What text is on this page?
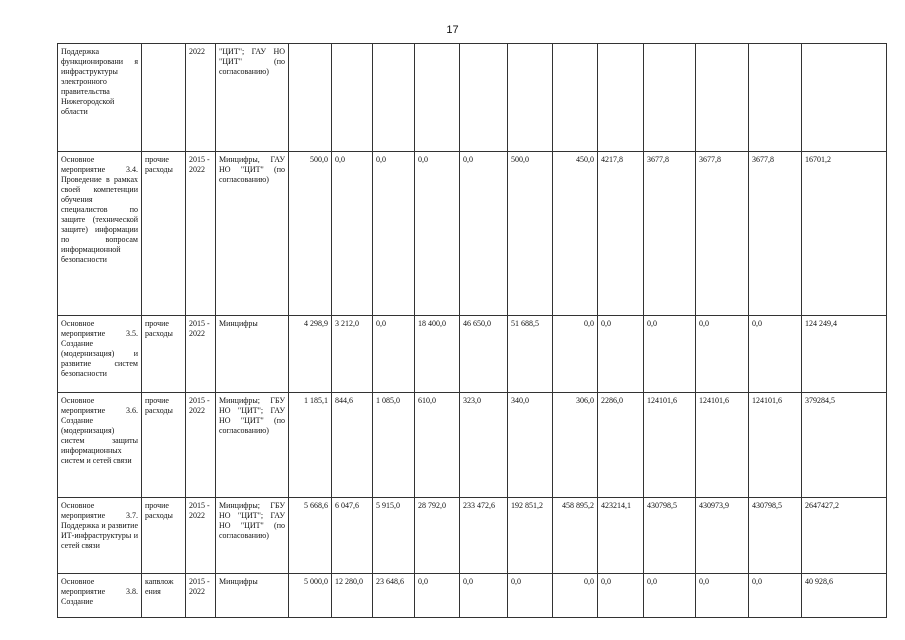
17
Поддержка функционировани я инфраструктуры электронного правительства Нижегородской области		2022	"ЦИТ"; ГАУ НО "ЦИТ" (по согласованию)												
Основное мероприятие 3.4. Проведение в рамках своей компетенции обучения специалистов по защите (технической защите) информации по вопросам информационной безопасности	прочие расходы	2015 - 2022	Минцифры, ГАУ НО "ЦИТ" (по согласованию)	500,0	0,0	0,0	0,0	0,0	500,0	450,0	4217,8	3677,8	3677,8	3677,8	16701,2
Основное мероприятие 3.5. Создание (модернизация) и развитие систем безопасности	прочие расходы	2015 - 2022	Минцифры	4 298,9	3 212,0	0,0	18 400,0	46 650,0	51 688,5	0,0	0,0	0,0	0,0	0,0	124 249,4
Основное мероприятие 3.6. Создание (модернизация) систем защиты информационных систем и сетей связи	прочие расходы	2015 - 2022	Минцифры; ГБУ НО "ЦИТ"; ГАУ НО "ЦИТ" (по согласованию)	1 185,1	844,6	1 085,0	610,0	323,0	340,0	306,0	2286,0	124101,6	124101,6	124101,6	379284,5
Основное мероприятие 3.7. Поддержка и развитие ИТ-инфраструктуры и сетей связи	прочие расходы	2015 - 2022	Минцифры; ГБУ НО "ЦИТ"; ГАУ НО "ЦИТ" (по согласованию)	5 668,6	6 047,6	5 915,0	28 792,0	233 472,6	192 851,2	458 895,2	423214,1	430798,5	430973,9	430798,5	2647427,2
Основное мероприятие 3.8. Создание	капвлож ения	2015 - 2022	Минцифры	5 000,0	12 280,0	23 648,6	0,0	0,0	0,0	0,0	0,0	0,0	0,0	0,0	40 928,6
